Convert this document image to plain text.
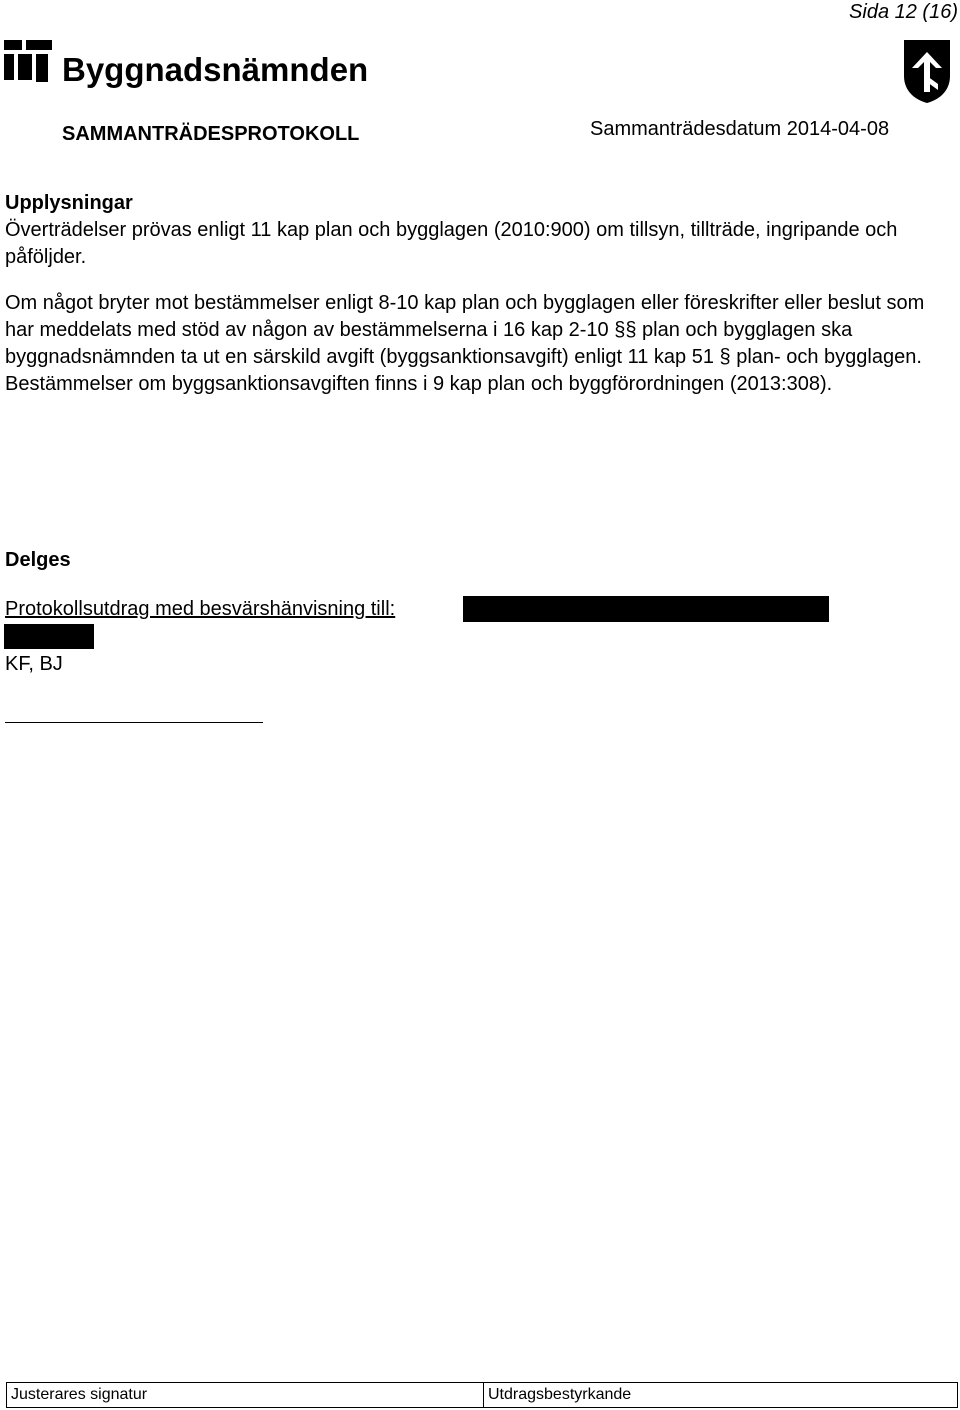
Sida 12 (16)
Byggnadsnämnden
SAMMANTRÄDESPROTOKOLL	Sammanträdesdatum 2014-04-08
Upplysningar
Överträdelser prövas enligt 11 kap plan och bygglagen (2010:900) om tillsyn, tillträde, ingripande och påföljder.
Om något bryter mot bestämmelser enligt 8-10 kap plan och bygglagen eller föreskrifter eller beslut som har meddelats med stöd av någon av bestämmelserna i 16 kap 2-10 §§ plan och bygglagen ska byggnadsnämnden ta ut en särskild avgift (byggsanktionsavgift) enligt 11 kap 51 § plan- och bygglagen. Bestämmelser om byggsanktionsavgiften finns i 9 kap plan och byggförordningen (2013:308).
Delges
Protokollsutdrag med besvärshänvisning till:
KF, BJ
Justerares signatur	Utdragsbestyrkande
